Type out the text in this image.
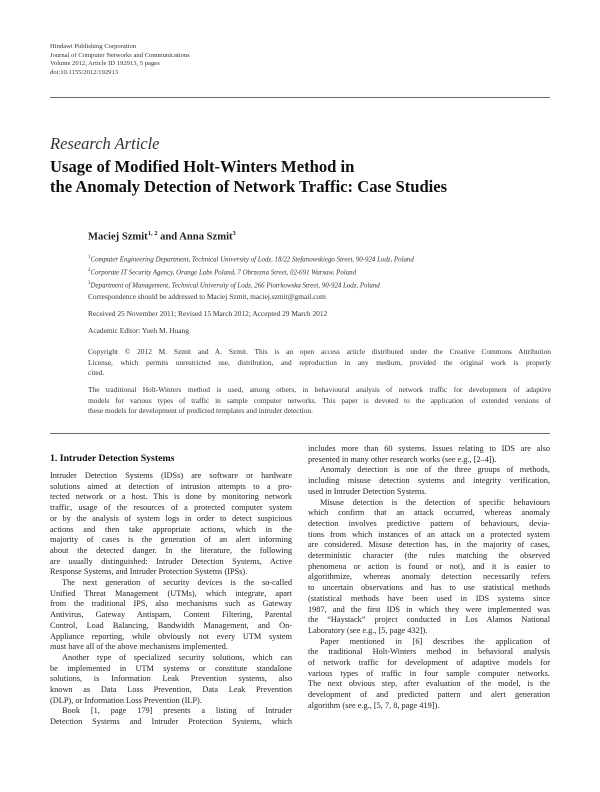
Hindawi Publishing Corporation
Journal of Computer Networks and Communications
Volume 2012, Article ID 192913, 5 pages
doi:10.1155/2012/192913
Research Article
Usage of Modified Holt-Winters Method in
the Anomaly Detection of Network Traffic: Case Studies
Maciej Szmit$^{1, 2}$ and Anna Szmit$^3$
$^1$Computer Engineering Department, Technical University of Lodz, 18/22 Stefanowskiego Street, 90-924 Lodz, Poland
$^2$Corporate IT Security Agency, Orange Labs Poland, 7 Obrzezna Street, 02-691 Warsaw, Poland
$^3$Department of Management, Technical University of Lodz, 266 Piotrkowska Street, 90-924 Lodz, Poland
Correspondence should be addressed to Maciej Szmit, maciej.szmit@gmail.com
Received 25 November 2011; Revised 15 March 2012; Accepted 29 March 2012
Academic Editor: Yueh M. Huang
Copyright © 2012 M. Szmit and A. Szmit. This is an open access article distributed under the Creative Commons Attribution
License, which permits unrestricted use, distribution, and reproduction in any medium, provided the original work is properly
cited.
The traditional Holt-Winters method is used, among others, in behavioural analysis of network traffic for development of adaptive
models for various types of traffic in sample computer networks. This paper is devoted to the application of extended versions of
these models for development of predicted templates and intruder detection.
1. Intruder Detection Systems
Intruder Detection Systems (IDSs) are software or hardware
solutions aimed at detection of intrusion attempts to a pro-
tected network or a host. This is done by monitoring network
traffic, usage of the resources of a protected computer system
or by the analysis of system logs in order to detect suspicious
actions and then take appropriate actions, which in the
majority of cases is the generation of an alert informing
about the detected danger. In the literature, the following
are usually distinguished: Intruder Detection Systems, Active
Response Systems, and Intruder Protection Systems (IPSs).
The next generation of security devices is the so-called
Unified Threat Management (UTMs), which integrate, apart
from the traditional IPS, also mechanisms such as Gateway
Antivirus, Gateway Antispam, Content Filtering, Parental
Control, Load Balancing, Bandwidth Management, and On-
Appliance reporting, while obviously not every UTM system
must have all of the above mechanisms implemented.
Another type of specialized security solutions, which can
be implemented in UTM systems or constitute standalone
solutions, is Information Leak Prevention systems, also
known as Data Loss Prevention, Data Leak Prevention
(DLP), or Information Loss Prevention (ILP).
Book [1, page 179] presents a listing of Intruder
Detection Systems and Intruder Protection Systems, which
includes more than 60 systems. Issues relating to IDS are also
presented in many other research works (see e.g., [2–4]).
Anomaly detection is one of the three groups of methods,
including misuse detection systems and integrity verification,
used in Intruder Detection Systems.
Misuse detection is the detection of specific behaviours
which confirm that an attack occurred, whereas anomaly
detection involves predictive pattern of behaviours, devia-
tions from which instances of an attack on a protected system
are considered. Misuse detection has, in the majority of cases,
deterministic character (the rules matching the observed
phenomena or action is found or not), and it is easier to
algorithmize, whereas anomaly detection necessarily refers
to uncertain observations and has to use statistical methods
(statistical methods have been used in IDS systems since
1987, and the first IDS in which they were implemented was
the “Haystack” project conducted in Los Alamos National
Laboratory (see e.g., [5, page 432]).
Paper mentioned in [6] describes the application of
the traditional Holt-Winters method in behavioral analysis
of network traffic for development of adaptive models for
various types of traffic in four sample computer networks.
The next obvious step, after evaluation of the model, is the
development of and predicted pattern and alert generation
algorithm (see e.g., [5, 7, 8, page 419]).
